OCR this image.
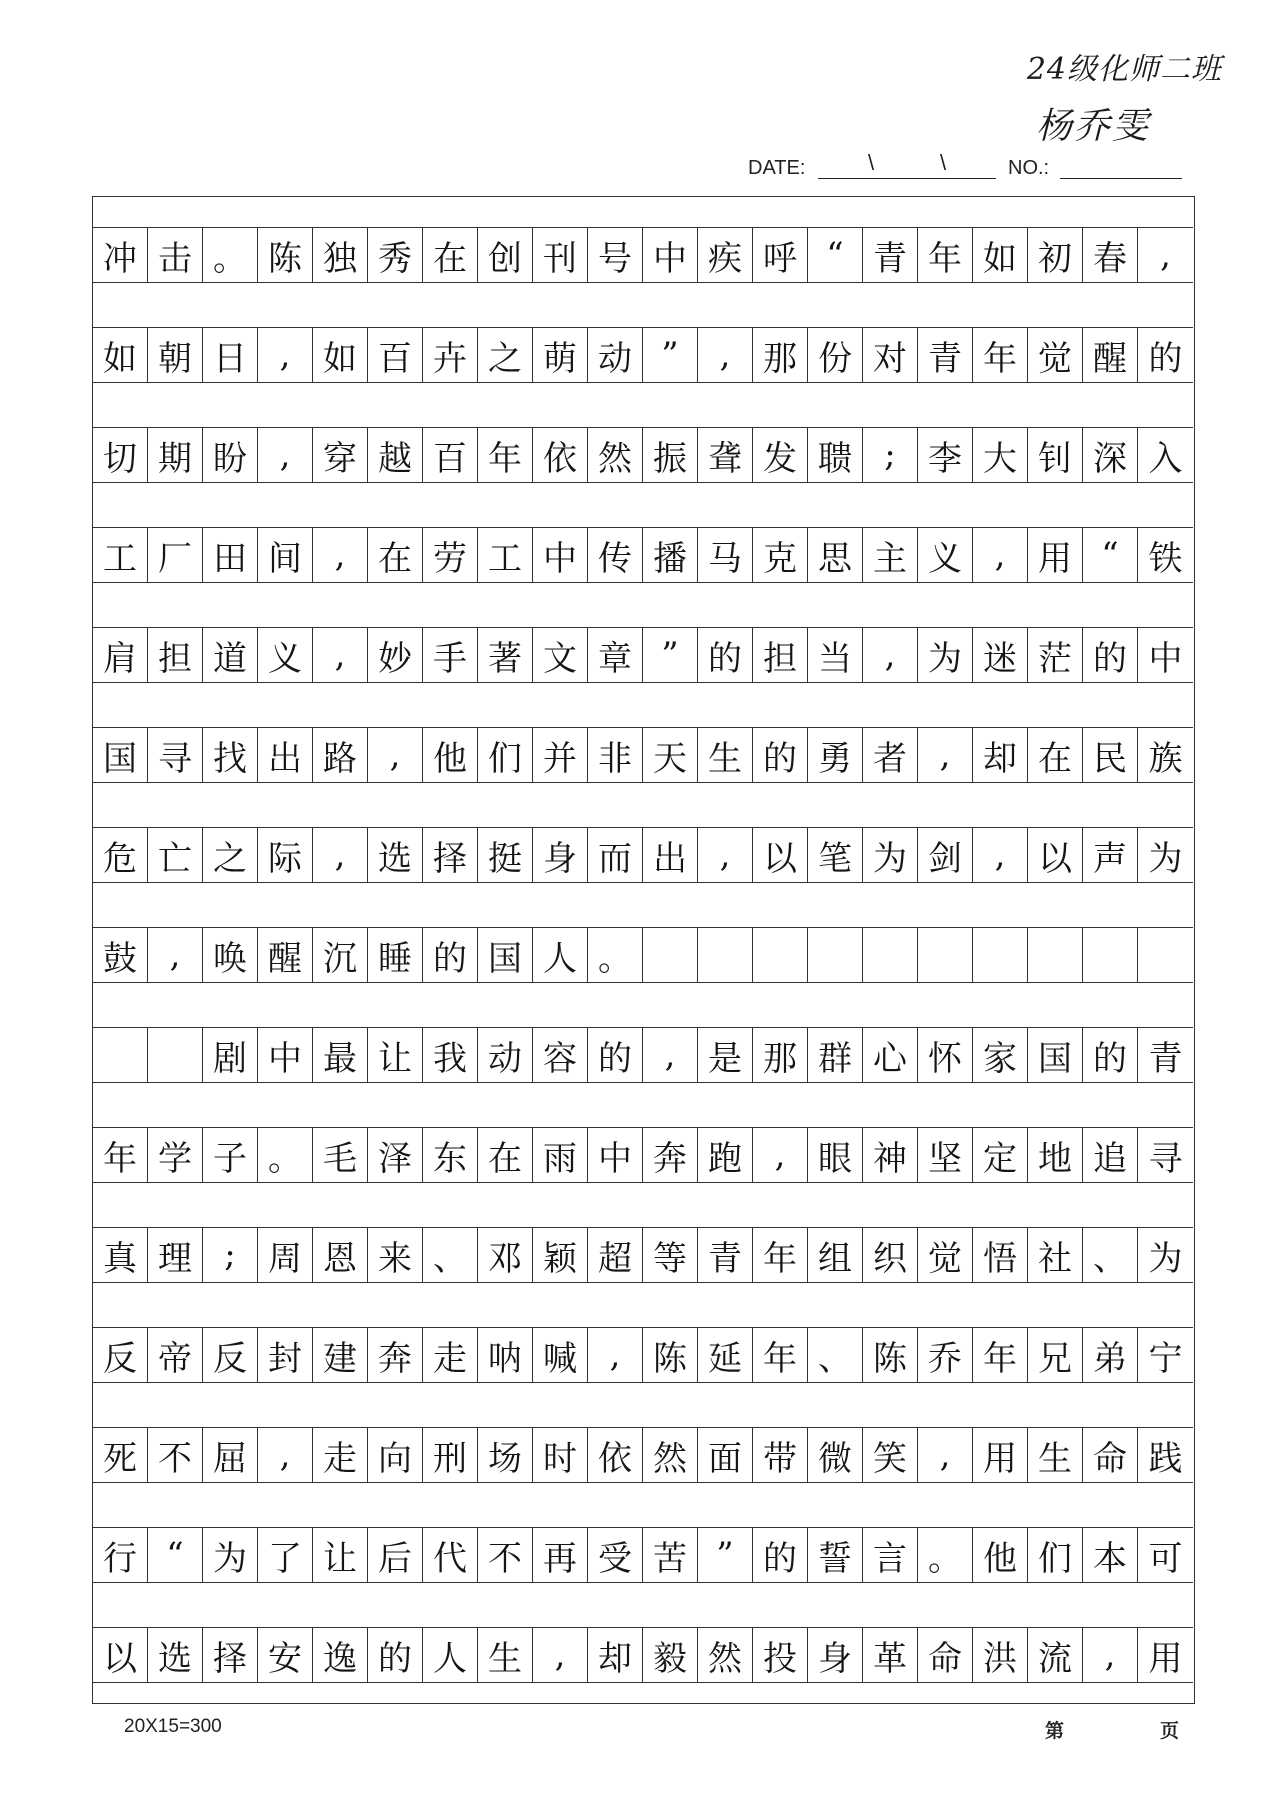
24级化师二班
杨乔雯
DATE:	\	\	NO.:
冲 击 。 陈 独 秀 在 创 刊 号 中 疾 呼 “ 青 年 如 初 春 ,
如 朝 日 , 如 百 卉 之 萌 动 ”	, 那 份 对 青 年 觉 醒 的
切 期 盼 , 穿 越 百 年 依 然 振 聋 发 聩 ; 李 大 钊 深 入
工 厂 田 间 , 在 劳 工 中 传 播 马 克 思 主 义 , 用 “ 铁
肩 担 道 义 , 妙 手 著 文 章 ” 的 担 当 , 为 迷 茫 的 中
国 寻 找 出 路 , 他 们 并 非 天 生 的 勇 者 , 却 在 民 族
危 亡 之 际 , 选 择 挺 身 而 出 , 以 笔 为 剑 , 以 声 为
鼓 , 唤 醒 沉 睡 的 国 人 。
剧 中 最 让 我 动 容 的 , 是 那 群 心 怀 家 国 的 青
年 学 子 。 毛 泽 东 在 雨 中 奔 跑 , 眼 神 坚 定 地 追 寻
真 理 ; 周 恩 来 、 邓 颖 超 等 青 年 组 织 觉 悟 社 、 为
反 帝 反 封 建 奔 走 呐 喊 , 陈 延 年 、 陈 乔 年 兄 弟 宁
死 不 屈 , 走 向 刑 场 时 依 然 面 带 微 笑 , 用 生 命 践
行 “ 为 了 让 后 代 不 再 受 苦 ” 的 誓 言 。 他 们 本 可
以 选 择 安 逸 的 人 生 , 却 毅 然 投 身 革 命 洪 流 , 用
20X15=300	第	页
